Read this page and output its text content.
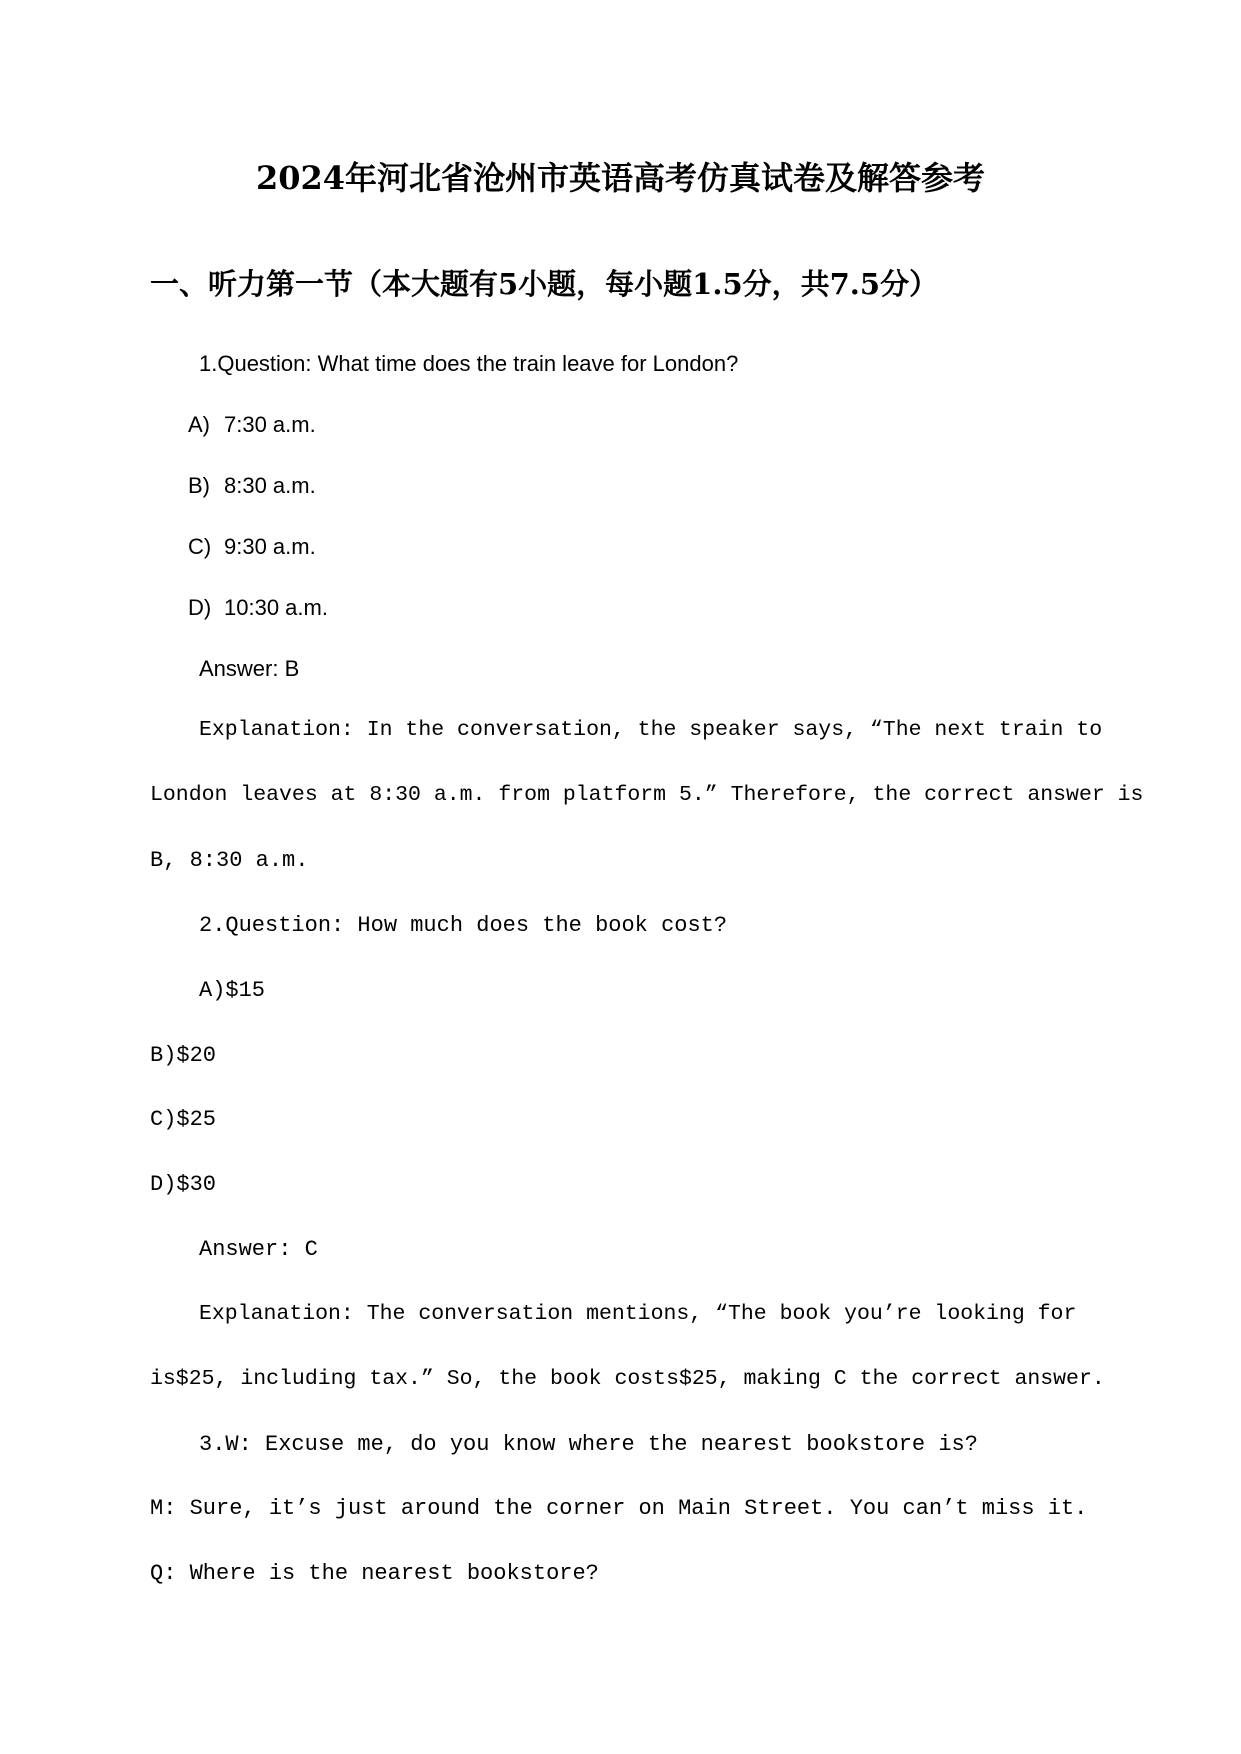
2024年河北省沧州市英语高考仿真试卷及解答参考
一、听力第一节（本大题有5小题，每小题1.5分，共7.5分）
1.Question: What time does the train leave for London?
A) 7:30 a.m.
B) 8:30 a.m.
C) 9:30 a.m.
D) 10:30 a.m.
Answer: B
Explanation: In the conversation, the speaker says, “The next train to
London leaves at 8:30 a.m. from platform 5.” Therefore, the correct answer is
B, 8:30 a.m.
2.Question: How much does the book cost?
A)$15
B)$20
C)$25
D)$30
Answer: C
Explanation: The conversation mentions, “The book you’re looking for
is$25, including tax.” So, the book costs$25, making C the correct answer.
3.W: Excuse me, do you know where the nearest bookstore is?
M: Sure, it’s just around the corner on Main Street. You can’t miss it.
Q: Where is the nearest bookstore?
